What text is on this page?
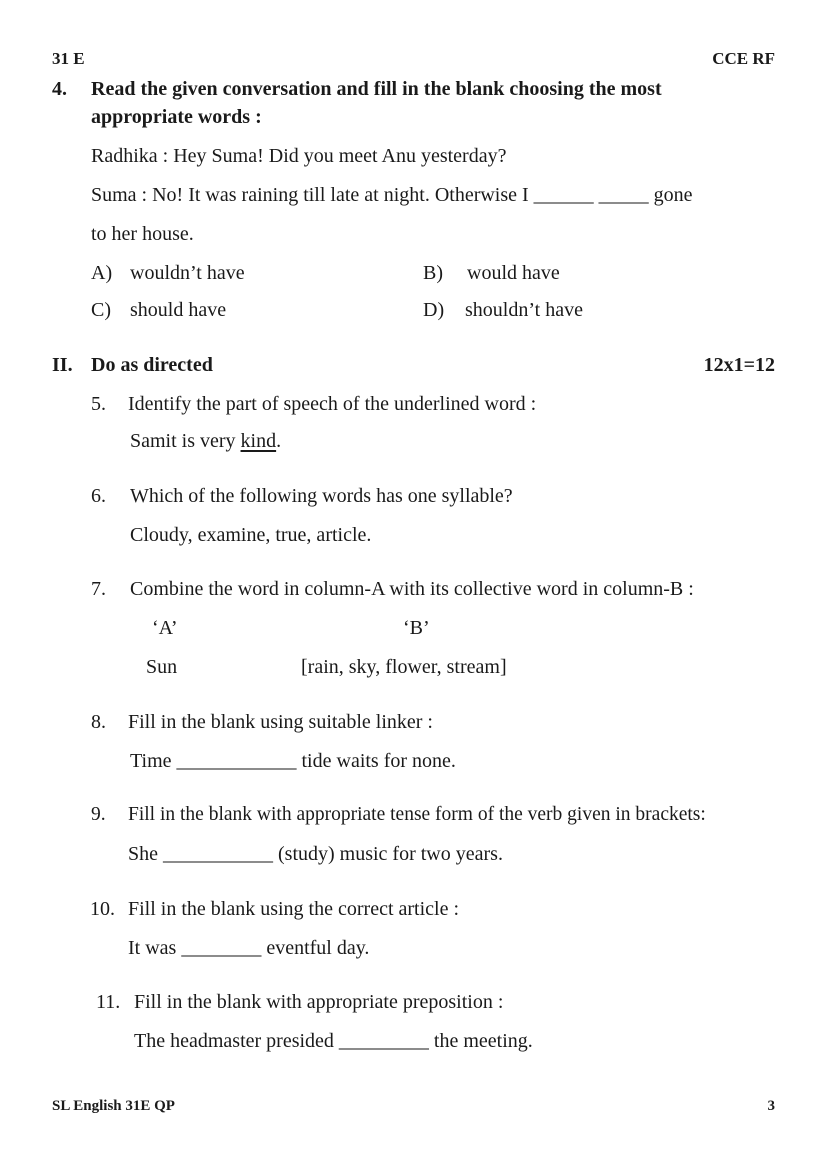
31 E	CCE RF
4. Read the given conversation and fill in the blank choosing the most
appropriate words :
Radhika : Hey Suma! Did you meet Anu yesterday?
Suma : No! It was raining till late at night. Otherwise I ______ _____ gone
to her house.
A) wouldn’t have	B) would have
C) should have	D) shouldn’t have
II. Do as directed	12x1=12
5. Identify the part of speech of the underlined word :
Samit is very kind.
6. Which of the following words has one syllable?
Cloudy, examine, true, article.
7. Combine the word in column-A with its collective word in column-B :
‘A’	‘B’
Sun	[rain, sky, flower, stream]
8. Fill in the blank using suitable linker :
Time ____________ tide waits for none.
9. Fill in the blank with appropriate tense form of the verb given in brackets:
She ___________ (study) music for two years.
10. Fill in the blank using the correct article :
It was ________ eventful day.
11. Fill in the blank with appropriate preposition :
The headmaster presided _________ the meeting.
SL English 31E QP	3
